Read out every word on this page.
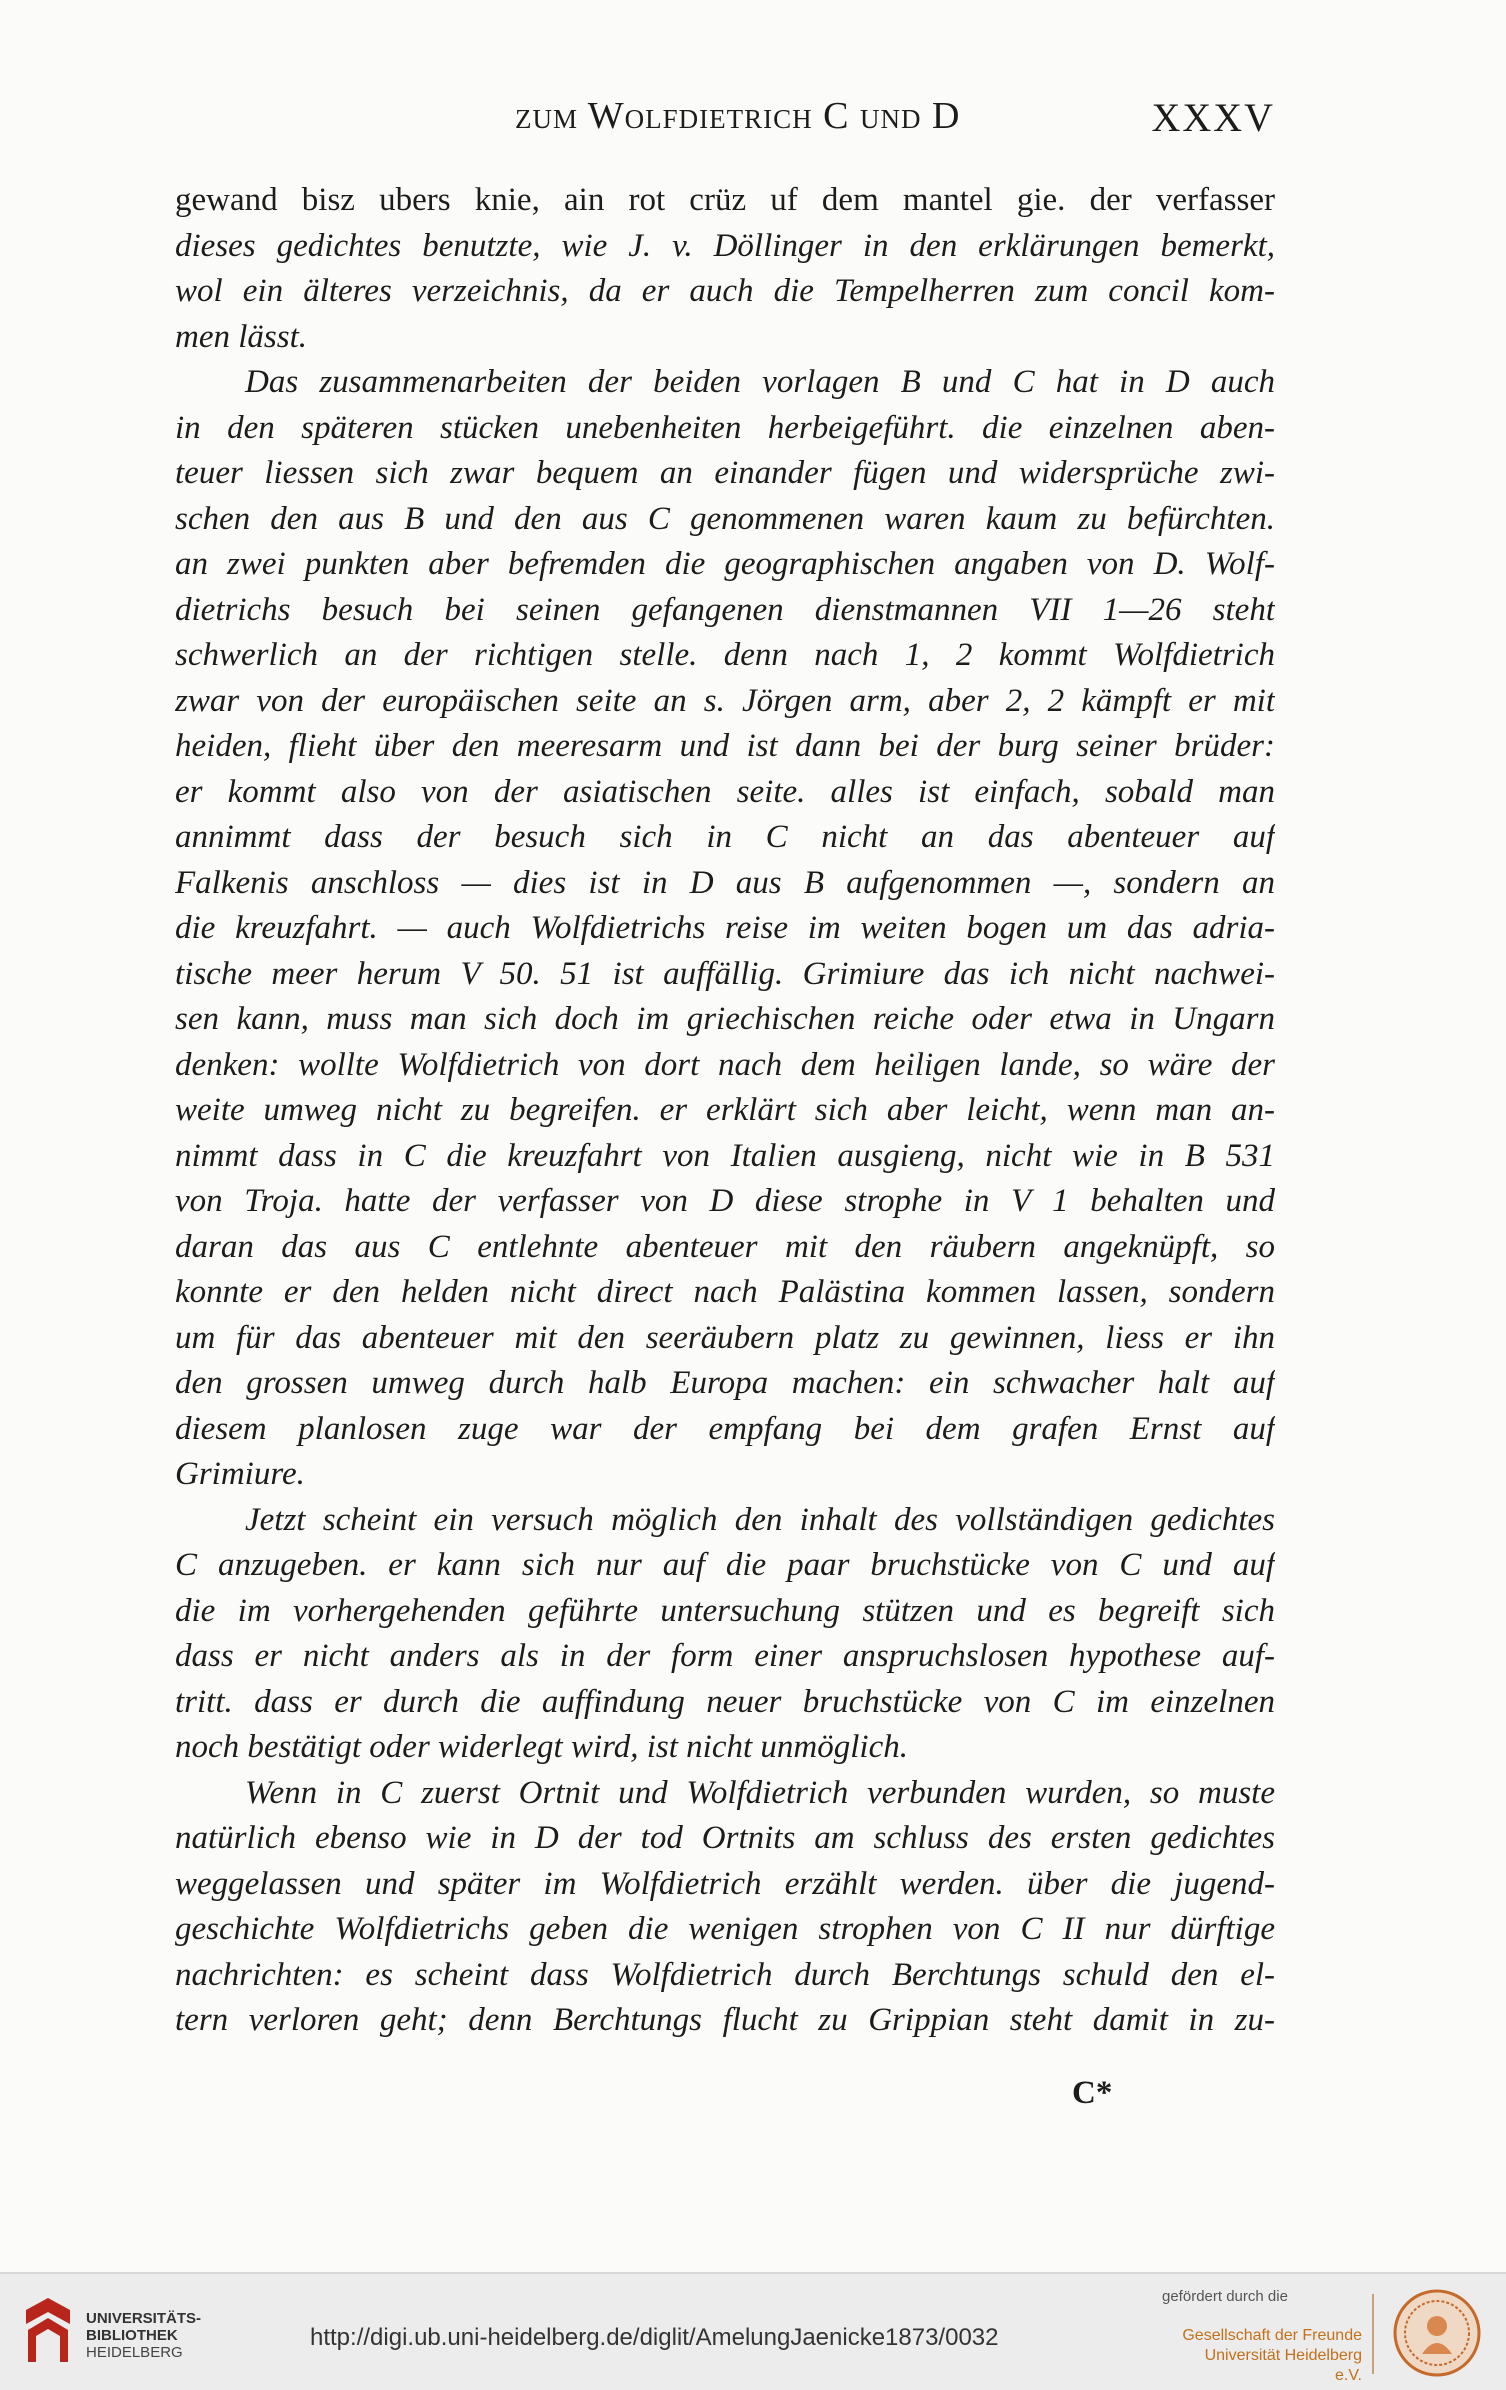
zum Wolfdietrich C und D	XXXV
gewand bisz ubers knie, ain rot crüz uf dem mantel gie. der verfasser
dieses gedichtes benutzte, wie J. v. Döllinger in den erklärungen bemerkt,
wol ein älteres verzeichnis, da er auch die Tempelherren zum concil kom-
men lässt.
Das zusammenarbeiten der beiden vorlagen B und C hat in D auch
in den späteren stücken unebenheiten herbeigeführt. die einzelnen aben-
teuer liessen sich zwar bequem an einander fügen und widersprüche zwi-
schen den aus B und den aus C genommenen waren kaum zu befürchten.
an zwei punkten aber befremden die geographischen angaben von D. Wolf-
dietrichs besuch bei seinen gefangenen dienstmannen VII 1—26 steht
schwerlich an der richtigen stelle. denn nach 1, 2 kommt Wolfdietrich
zwar von der europäischen seite an s. Jörgen arm, aber 2, 2 kämpft er mit
heiden, flieht über den meeresarm und ist dann bei der burg seiner brüder:
er kommt also von der asiatischen seite. alles ist einfach, sobald man
annimmt dass der besuch sich in C nicht an das abenteuer auf
Falkenis anschloss — dies ist in D aus B aufgenommen —, sondern an
die kreuzfahrt. — auch Wolfdietrichs reise im weiten bogen um das adria-
tische meer herum V 50. 51 ist auffällig. Grimiure das ich nicht nachwei-
sen kann, muss man sich doch im griechischen reiche oder etwa in Ungarn
denken: wollte Wolfdietrich von dort nach dem heiligen lande, so wäre der
weite umweg nicht zu begreifen. er erklärt sich aber leicht, wenn man an-
nimmt dass in C die kreuzfahrt von Italien ausgieng, nicht wie in B 531
von Troja. hatte der verfasser von D diese strophe in V 1 behalten und
daran das aus C entlehnte abenteuer mit den räubern angeknüpft, so
konnte er den helden nicht direct nach Palästina kommen lassen, sondern
um für das abenteuer mit den seeräubern platz zu gewinnen, liess er ihn
den grossen umweg durch halb Europa machen: ein schwacher halt auf
diesem planlosen zuge war der empfang bei dem grafen Ernst auf
Grimiure.
Jetzt scheint ein versuch möglich den inhalt des vollständigen gedichtes
C anzugeben. er kann sich nur auf die paar bruchstücke von C und auf
die im vorhergehenden geführte untersuchung stützen und es begreift sich
dass er nicht anders als in der form einer anspruchslosen hypothese auf-
tritt. dass er durch die auffindung neuer bruchstücke von C im einzelnen
noch bestätigt oder widerlegt wird, ist nicht unmöglich.
Wenn in C zuerst Ortnit und Wolfdietrich verbunden wurden, so muste
natürlich ebenso wie in D der tod Ortnits am schluss des ersten gedichtes
weggelassen und später im Wolfdietrich erzählt werden. über die jugend-
geschichte Wolfdietrichs geben die wenigen strophen von C II nur dürftige
nachrichten: es scheint dass Wolfdietrich durch Berchtungs schuld den el-
tern verloren geht; denn Berchtungs flucht zu Grippian steht damit in zu-
C*
UNIVERSITÄTS-
BIBLIOTHEK
HEIDELBERG
http://digi.ub.uni-heidelberg.de/diglit/AmelungJaenicke1873/0032
gefördert durch die
Gesellschaft der Freunde
Universität Heidelberg e.V.
